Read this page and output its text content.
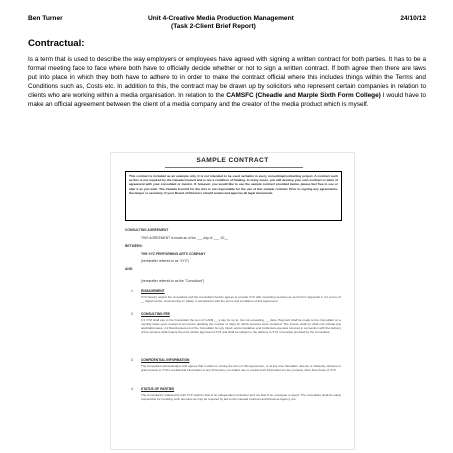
Ben Turner	Unit 4-Creative Media Production Management
(Task 2-Client Brief Report)
24/10/12
Contractual:

Is a term that is used to describe the way employers or employees have agreed with signing a written contract for both parties. It has to be a formal meeting face to face where both have to officially decide whether or not to sign a written contract. If both agree then there are laws put into place in which they both have to adhere to in order to make the contract official where this includes things within the Terms and Conditions such as, Costs etc. In addition to this, the contract may be drawn up by solicitors who represent certain companies in relation to clients who are working within a media organisation. In relation to the CAMSFC (Cheadle and Marple Sixth Form College) I would have to make an official agreement between the client of a media company and the creator of the media product which is myself.

SAMPLE CONTRACT
This contract is included as an example only. It is not intended to be used verbatim in every consulting/contracting project. A contract such as this is not required by the Canada Council and is not a condition of funding. In many cases, you will develop your own contract or letter of agreement with your consultant or mentor. If, however, you would like to use the sample contract provided below, please feel free to use or alter it as you wish. The Canada Council for the Arts is not responsible for the use of this sample contract. Prior to signing any agreements, the lawyer or secretary of your Board of Directors should review and approve all legal documents.
CONSULTING AGREEMENT
THIS AGREEMENT is made as of the ___ day of ___, 20__
BETWEEN:
THE XYZ PERFORMING ARTS COMPANY
(hereinafter referred to as "XYZ")
AND:
(hereinafter referred to as the "Consultant")
1. ENGAGEMENT
XYZ hereby retains the Consultant and the Consultant hereby agrees to provide XYZ with consulting services as set forth in Appendix 1, for a term of __ days/months, commencing on [date], in accordance with the terms and conditions of this Agreement.
2. CONSULTING FEE
2.1 XYZ shall pay to the Consultant the sum of CAD$ __ a day for up to, but not exceeding, __ days. Payment shall be made to the Consultant on a monthly basis upon receipt of an invoice detailing the number of days for which services were rendered. The invoice shall (or shall not) include any applicable taxes. 2.2 Reimbursement of the Consultant for any travel, accommodation and incidental expenses incurred in connection with the delivery of the services shall require the prior written approval of XYZ and shall be subject to the delivery to XYZ of receipts provided by the Consultant.
3. CONFIDENTIAL INFORMATION
The Consultant acknowledges and agrees that it shall not, during the term of this Agreement, or at any time thereafter, directly or indirectly, disclose or grant access to XYZ's confidential information to any third party, nor shall it use or exploit such information for any purpose other than those of XYZ.
4. STATUS OF PARTIES
The Consultant's relationship with XYZ shall be that of an independent contractor and not that of an employee or agent. The Consultant shall be solely responsible for remitting such amounts as may be required by law to the Canada Customs and Revenue Agency, the
